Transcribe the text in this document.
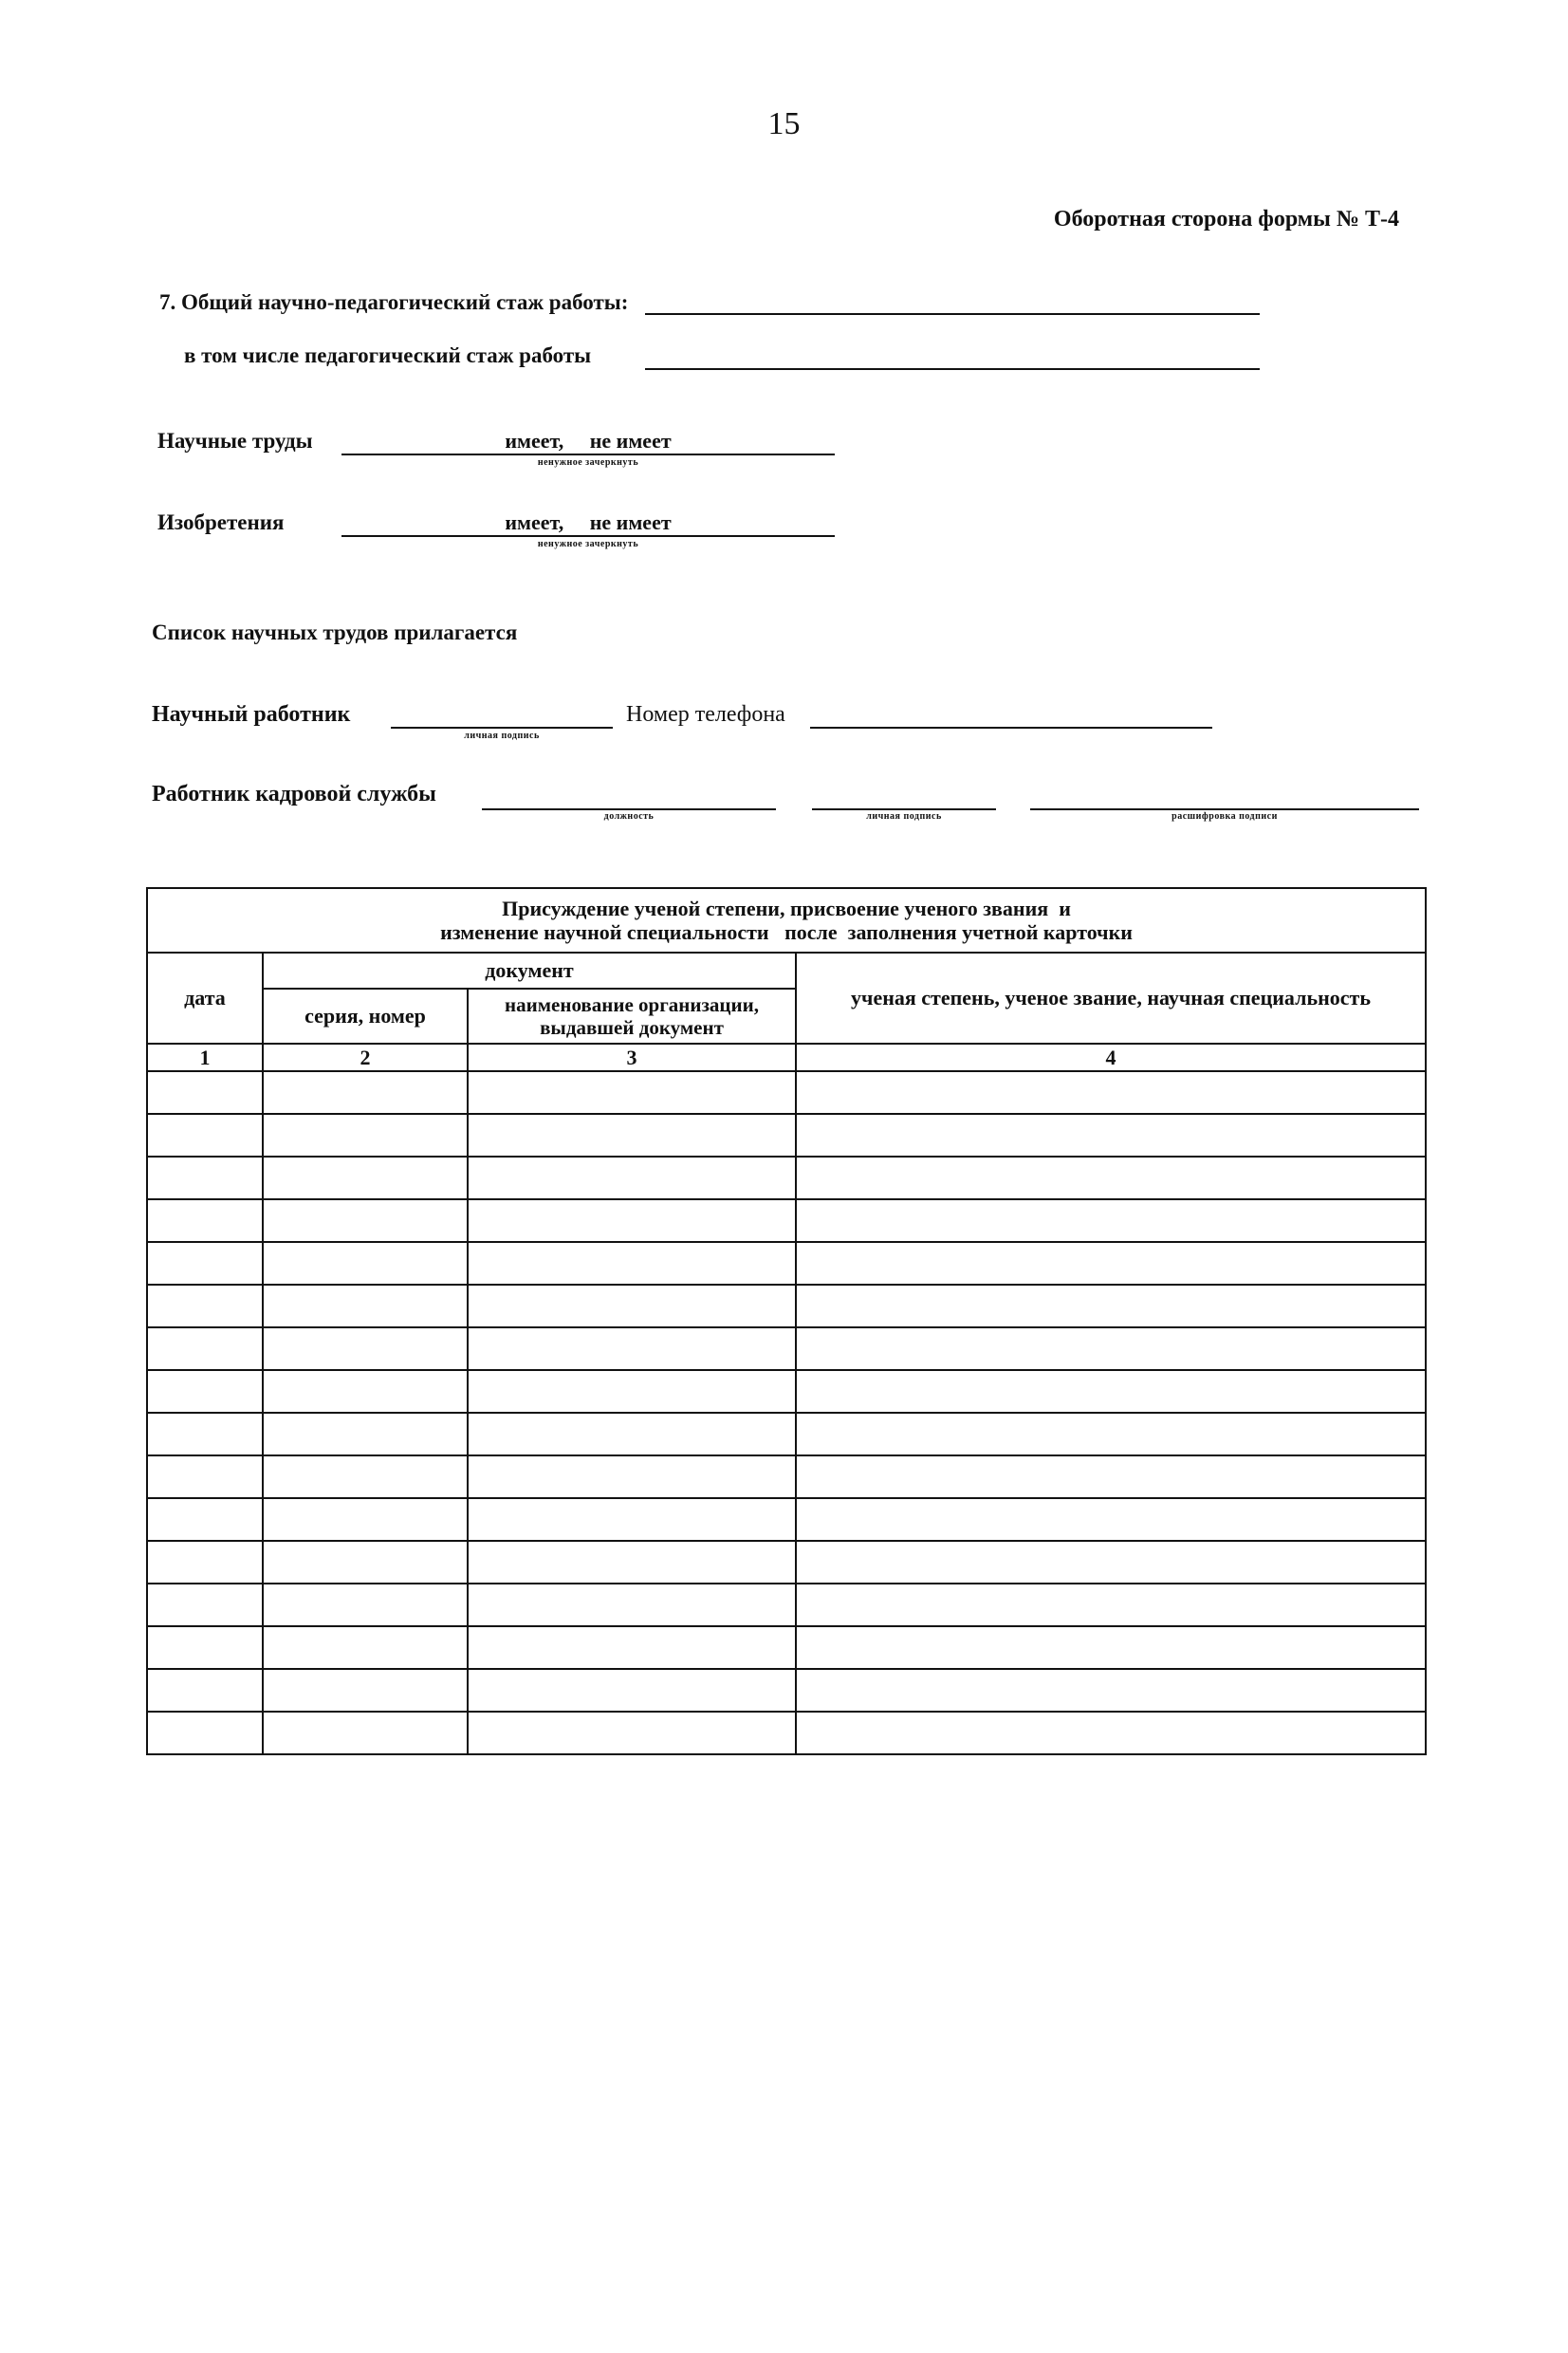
15
Оборотная сторона формы № Т-4
7. Общий научно-педагогический стаж работы:
в том числе педагогический стаж работы
Научные труды	имеет,     не имеет
ненужное зачеркнуть
Изобретения	имеет,     не имеет
ненужное зачеркнуть
Список научных трудов прилагается
Научный работник
личная подпись
Номер телефона
Работник кадровой службы
должность	личная подпись	расшифровка подписи
Присуждение ученой степени, присвоение ученого звания  и
изменение научной специальности   после  заполнения учетной карточки			

дата	документ		ученая степень, ученое звание, научная специальность
	серия, номер	наименование организации, выдавшей документ	
1	2	3	4
